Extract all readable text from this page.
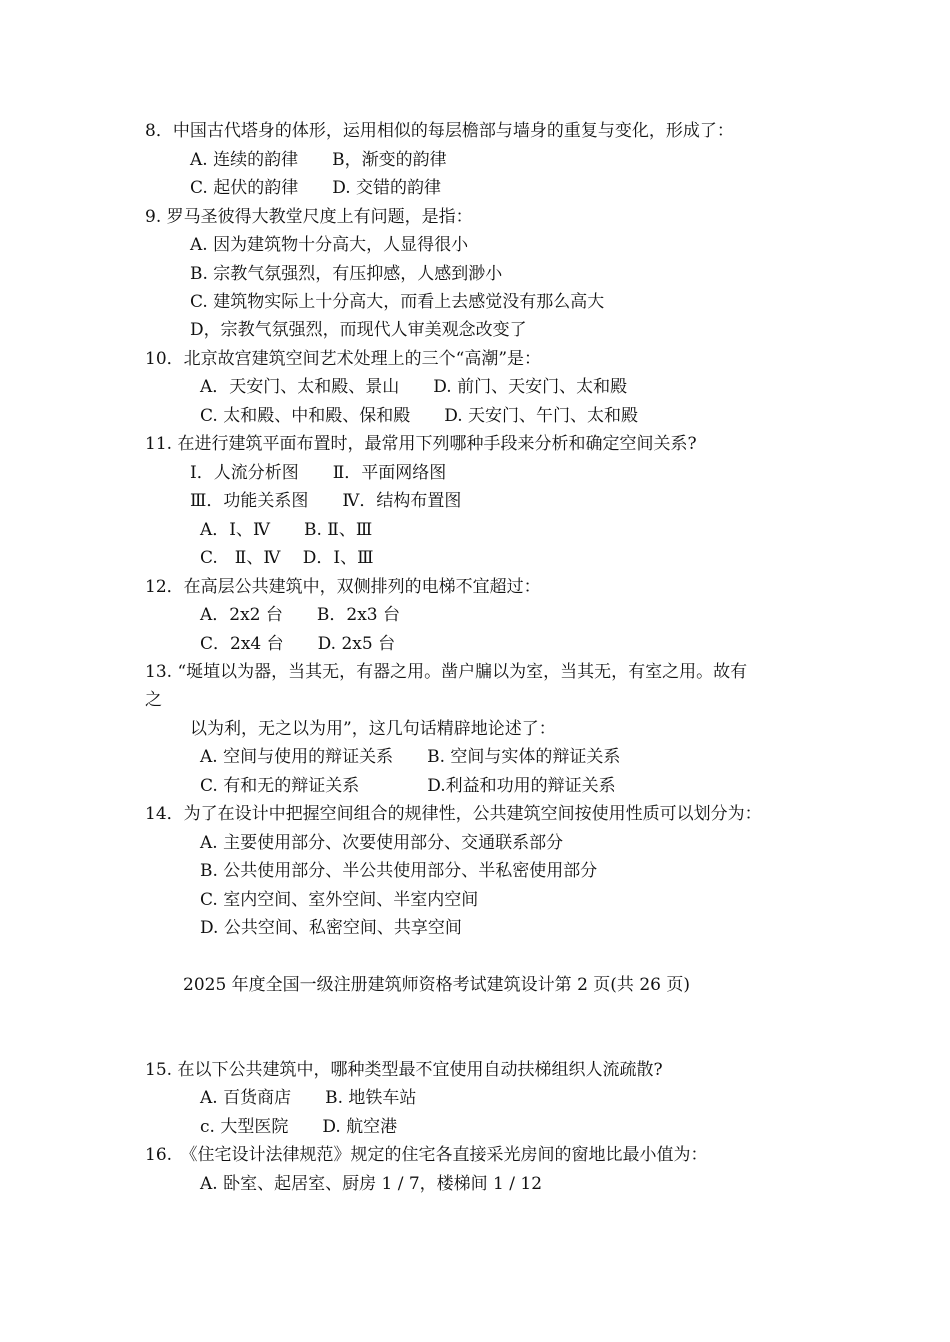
8．中国古代塔身的体形，运用相似的每层檐部与墙身的重复与变化，形成了：
A. 连续的韵律　　B，渐变的韵律
C. 起伏的韵律　　D. 交错的韵律
9. 罗马圣彼得大教堂尺度上有问题，是指：
A. 因为建筑物十分高大，人显得很小
B. 宗教气氛强烈，有压抑感，人感到渺小
C. 建筑物实际上十分高大，而看上去感觉没有那么高大
D，宗教气氛强烈，而现代人审美观念改变了
10．北京故宫建筑空间艺术处理上的三个“高潮”是：
A．天安门、太和殿、景山　　D. 前门、天安门、太和殿
C. 太和殿、中和殿、保和殿　　D. 天安门、午门、太和殿
11. 在进行建筑平面布置时，最常用下列哪种手段来分析和确定空间关系?
Ⅰ．人流分析图　　Ⅱ．平面网络图
Ⅲ．功能关系图　　Ⅳ．结构布置图
A．Ⅰ、Ⅳ　　B. Ⅱ、Ⅲ
C.　Ⅱ、Ⅳ　 D．Ⅰ、Ⅲ
12．在高层公共建筑中，双侧排列的电梯不宜超过：
A．2x2 台　　B．2x3 台
C．2x4 台　　D. 2x5 台
13. “埏埴以为器，当其无，有器之用。凿户牖以为室，当其无，有室之用。故有
之
以为利，无之以为用”，这几句话精辟地论述了：
A. 空间与使用的辩证关系　　B. 空间与实体的辩证关系
C. 有和无的辩证关系　　　　D.利益和功用的辩证关系
14．为了在设计中把握空间组合的规律性，公共建筑空间按使用性质可以划分为：
A. 主要使用部分、次要使用部分、交通联系部分
B. 公共使用部分、半公共使用部分、半私密使用部分
C. 室内空间、室外空间、半室内空间
D. 公共空间、私密空间、共享空间
2025 年度全国一级注册建筑师资格考试建筑设计第 2 页(共 26 页)
15. 在以下公共建筑中，哪种类型最不宜使用自动扶梯组织人流疏散?
A. 百货商店　　B. 地铁车站
c. 大型医院　　D. 航空港
16.　《住宅设计法律规范》规定的住宅各直接采光房间的窗地比最小值为：
A. 卧室、起居室、厨房 1 / 7，楼梯间 1 / 12
